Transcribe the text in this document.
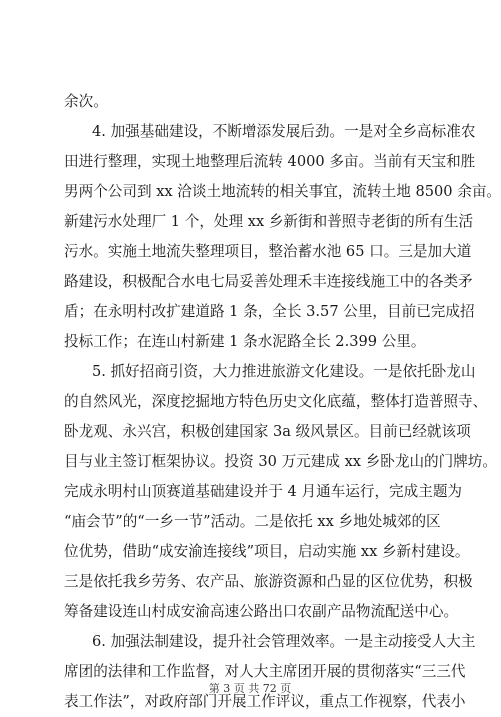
余次。
4. 加强基础建设，不断增添发展后劲。一是对全乡高标准农
田进行整理，实现土地整理后流转 4000 多亩。当前有天宝和胜
男两个公司到 xx 洽谈土地流转的相关事宜，流转土地 8500 余亩。
新建污水处理厂 1 个，处理 xx 乡新街和普照寺老街的所有生活
污水。实施土地流失整理项目，整治蓄水池 65 口。三是加大道
路建设，积极配合水电七局妥善处理禾丰连接线施工中的各类矛
盾；在永明村改扩建道路 1 条，全长 3.57 公里，目前已完成招
投标工作；在连山村新建 1 条水泥路全长 2.399 公里。
5. 抓好招商引资，大力推进旅游文化建设。一是依托卧龙山
的自然风光，深度挖掘地方特色历史文化底蕴，整体打造普照寺、
卧龙观、永兴宫，积极创建国家 3a 级风景区。目前已经就该项
目与业主签订框架协议。投资 30 万元建成 xx 乡卧龙山的门牌坊。
完成永明村山顶赛道基础建设并于 4 月通车运行，完成主题为
“庙会节”的“一乡一节”活动。二是依托 xx 乡地处城郊的区
位优势，借助“成安渝连接线”项目，启动实施 xx 乡新村建设。
三是依托我乡劳务、农产品、旅游资源和凸显的区位优势，积极
筹备建设连山村成安渝高速公路出口农副产品物流配送中心。
6. 加强法制建设，提升社会管理效率。一是主动接受人大主
席团的法律和工作监督，对人大主席团开展的贯彻落实“三三代
表工作法”，对政府部门开展工作评议，重点工作视察，代表小
第 3 页 共 72 页
